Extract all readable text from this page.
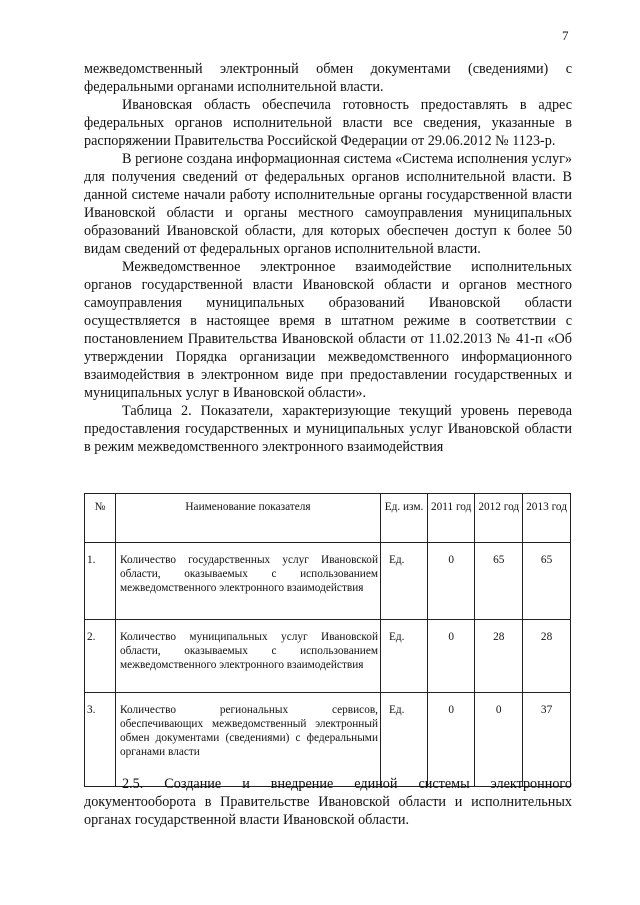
7

межведомственный электронный обмен документами (сведениями) с федеральными органами исполнительной власти.

Ивановская область обеспечила готовность предоставлять в адрес федеральных органов исполнительной власти все сведения, указанные в распоряжении Правительства Российской Федерации от 29.06.2012 № 1123-р.

В регионе создана информационная система «Система исполнения услуг» для получения сведений от федеральных органов исполнительной власти. В данной системе начали работу исполнительные органы государственной власти Ивановской области и органы местного самоуправления муниципальных образований Ивановской области, для которых обеспечен доступ к более 50 видам сведений от федеральных органов исполнительной власти.

Межведомственное электронное взаимодействие исполнительных органов государственной власти Ивановской области и органов местного самоуправления муниципальных образований Ивановской области осуществляется в настоящее время в штатном режиме в соответствии с постановлением Правительства Ивановской области от 11.02.2013 № 41-п «Об утверждении Порядка организации межведомственного информационного взаимодействия в электронном виде при предоставлении государственных и муниципальных услуг в Ивановской области».

Таблица 2. Показатели, характеризующие текущий уровень перевода предоставления государственных и муниципальных услуг Ивановской области в режим межведомственного электронного взаимодействия

№	Наименование показателя	Ед. изм.	2011 год	2012 год	2013 год
1.	Количество государственных услуг Ивановской области, оказываемых с использованием межведомственного электронного взаимодействия	Ед.	0	65	65
2.	Количество муниципальных услуг Ивановской области, оказываемых с использованием межведомственного электронного взаимодействия	Ед.	0	28	28
3.	Количество региональных сервисов, обеспечивающих межведомственный электронный обмен документами (сведениями) с федеральными органами власти	Ед.	0	0	37

2.5. Создание и внедрение единой системы электронного документооборота в Правительстве Ивановской области и исполнительных органах государственной власти Ивановской области.
